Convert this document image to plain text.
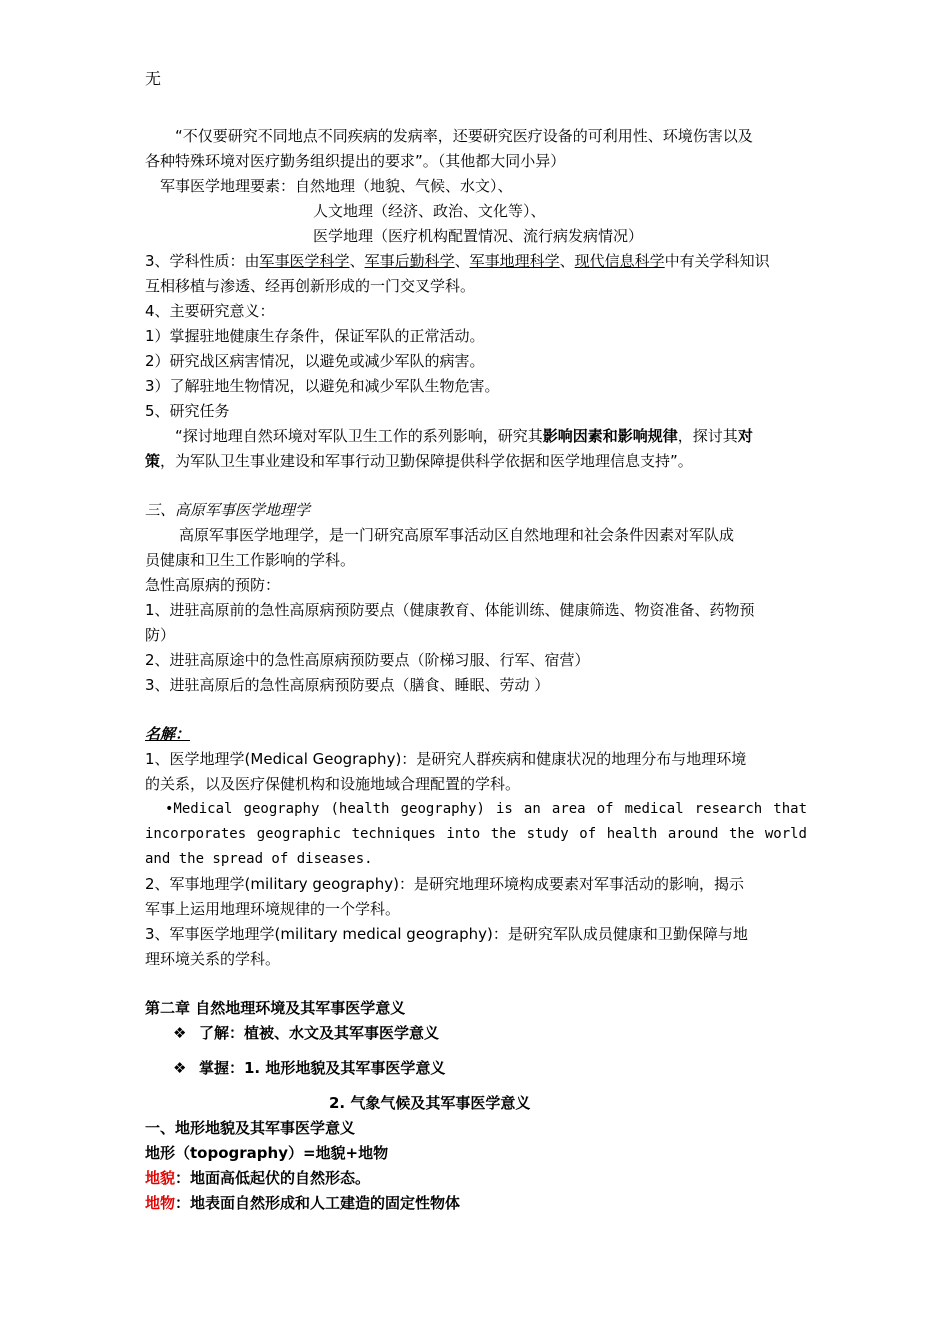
无

“不仅要研究不同地点不同疾病的发病率，还要研究医疗设备的可利用性、环境伤害以及

各种特殊环境对医疗勤务组织提出的要求”。（其他都大同小异）

军事医学地理要素：自然地理（地貌、气候、水文）、

人文地理（经济、政治、文化等）、

医学地理（医疗机构配置情况、流行病发病情况）

3、学科性质：由军事医学科学、军事后勤科学、军事地理科学、现代信息科学中有关学科知识

互相移植与渗透、经再创新形成的一门交叉学科。

4、主要研究意义：

1）掌握驻地健康生存条件，保证军队的正常活动。

2）研究战区病害情况，以避免或减少军队的病害。

3）了解驻地生物情况，以避免和减少军队生物危害。

5、研究任务

“探讨地理自然环境对军队卫生工作的系列影响，研究其影响因素和影响规律，探讨其对

策，为军队卫生事业建设和军事行动卫勤保障提供科学依据和医学地理信息支持”。

三、高原军事医学地理学

高原军事医学地理学，是一门研究高原军事活动区自然地理和社会条件因素对军队成

员健康和卫生工作影响的学科。

急性高原病的预防：

1、进驻高原前的急性高原病预防要点（健康教育、体能训练、健康筛选、物资准备、药物预

防）

2、进驻高原途中的急性高原病预防要点（阶梯习服、行军、宿营）

3、进驻高原后的急性高原病预防要点（膳食、睡眠、劳动 ）

名解：

1、医学地理学(Medical Geography)：是研究人群疾病和健康状况的地理分布与地理环境

的关系，以及医疗保健机构和设施地域合理配置的学科。

•Medical geography (health geography) is an area of medical research that incorporates geographic techniques into the study of health around the world and the spread of diseases.

2、军事地理学(military geography)：是研究地理环境构成要素对军事活动的影响，揭示

军事上运用地理环境规律的一个学科。

3、军事医学地理学(military medical geography)：是研究军队成员健康和卫勤保障与地

理环境关系的学科。

第二章 自然地理环境及其军事医学意义

❖ 了解：植被、水文及其军事医学意义

❖ 掌握：1. 地形地貌及其军事医学意义

2. 气象气候及其军事医学意义

一、地形地貌及其军事医学意义

地形（topography）=地貌+地物

地貌：地面高低起伏的自然形态。

地物：地表面自然形成和人工建造的固定性物体
